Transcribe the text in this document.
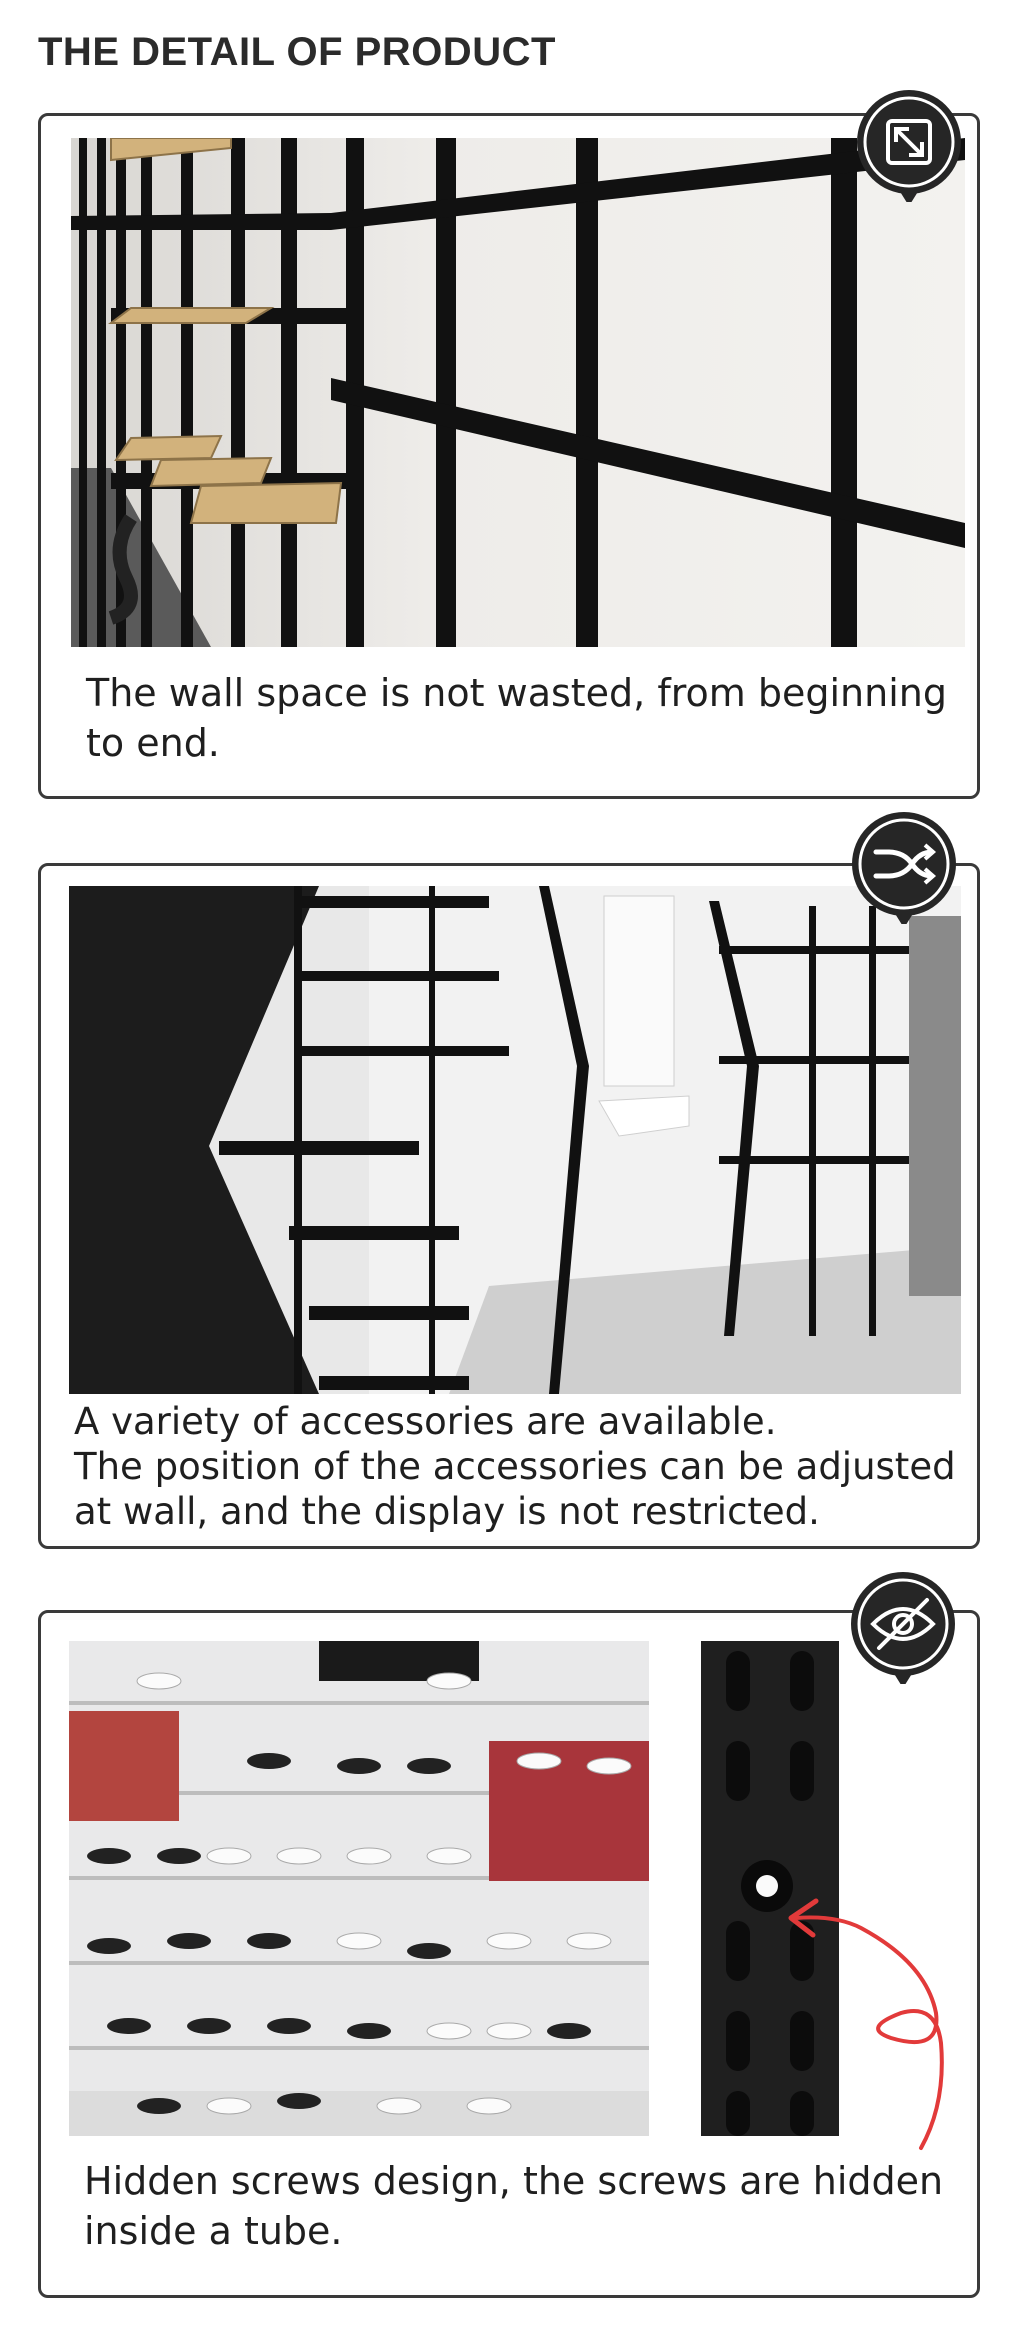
THE DETAIL OF PRODUCT
The wall space is not wasted, from beginning to end.
A variety of accessories are available.
The position of the accessories can be adjusted at wall, and the display is not restricted.
Hidden screws design, the screws are hidden inside a tube.
